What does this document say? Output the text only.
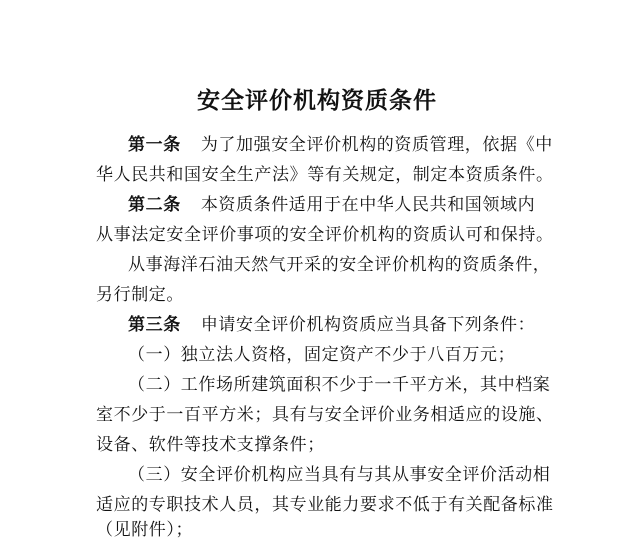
安全评价机构资质条件
第一条 为了加强安全评价机构的资质管理，依据《中
华人民共和国安全生产法》等有关规定，制定本资质条件。
第二条 本资质条件适用于在中华人民共和国领域内
从事法定安全评价事项的安全评价机构的资质认可和保持。
从事海洋石油天然气开采的安全评价机构的资质条件，
另行制定。
第三条 申请安全评价机构资质应当具备下列条件：
（一）独立法人资格，固定资产不少于八百万元；
（二）工作场所建筑面积不少于一千平方米，其中档案
室不少于一百平方米；具有与安全评价业务相适应的设施、
设备、软件等技术支撑条件；
（三）安全评价机构应当具有与其从事安全评价活动相
适应的专职技术人员，其专业能力要求不低于有关配备标准
（见附件）；
